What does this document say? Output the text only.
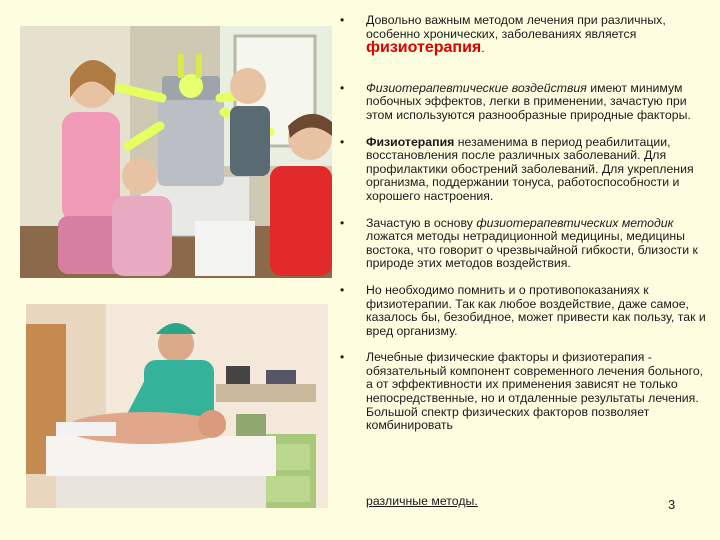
• Довольно важным методом лечения при различных, особенно хронических, заболеваниях является физиотерапия.
• Физиотерапевтические воздействия имеют минимум побочных эффектов, легки в применении, зачастую при этом используются разнообразные природные факторы.
• Физиотерапия незаменима в период реабилитации, восстановления после различных заболеваний. Для профилактики обострений заболеваний. Для укрепления организма, поддержании тонуса, работоспособности и хорошего настроения.
• Зачастую в основу физиотерапевтических методик ложатся методы нетрадиционной медицины, медицины востока, что говорит о чрезвычайной гибкости, близости к природе этих методов воздействия.
• Но необходимо помнить и о противопоказаниях к физиотерапии. Так как любое воздействие, даже самое, казалось бы, безобидное, может привести как пользу, так и вред организму.
• Лечебные физические факторы и физиотерапия - обязательный компонент современного лечения больного, а от эффективности их применения зависят не только непосредственные, но и отдаленные результаты лечения. Большой спектр физических факторов позволяет комбинировать
различные методы.	3
